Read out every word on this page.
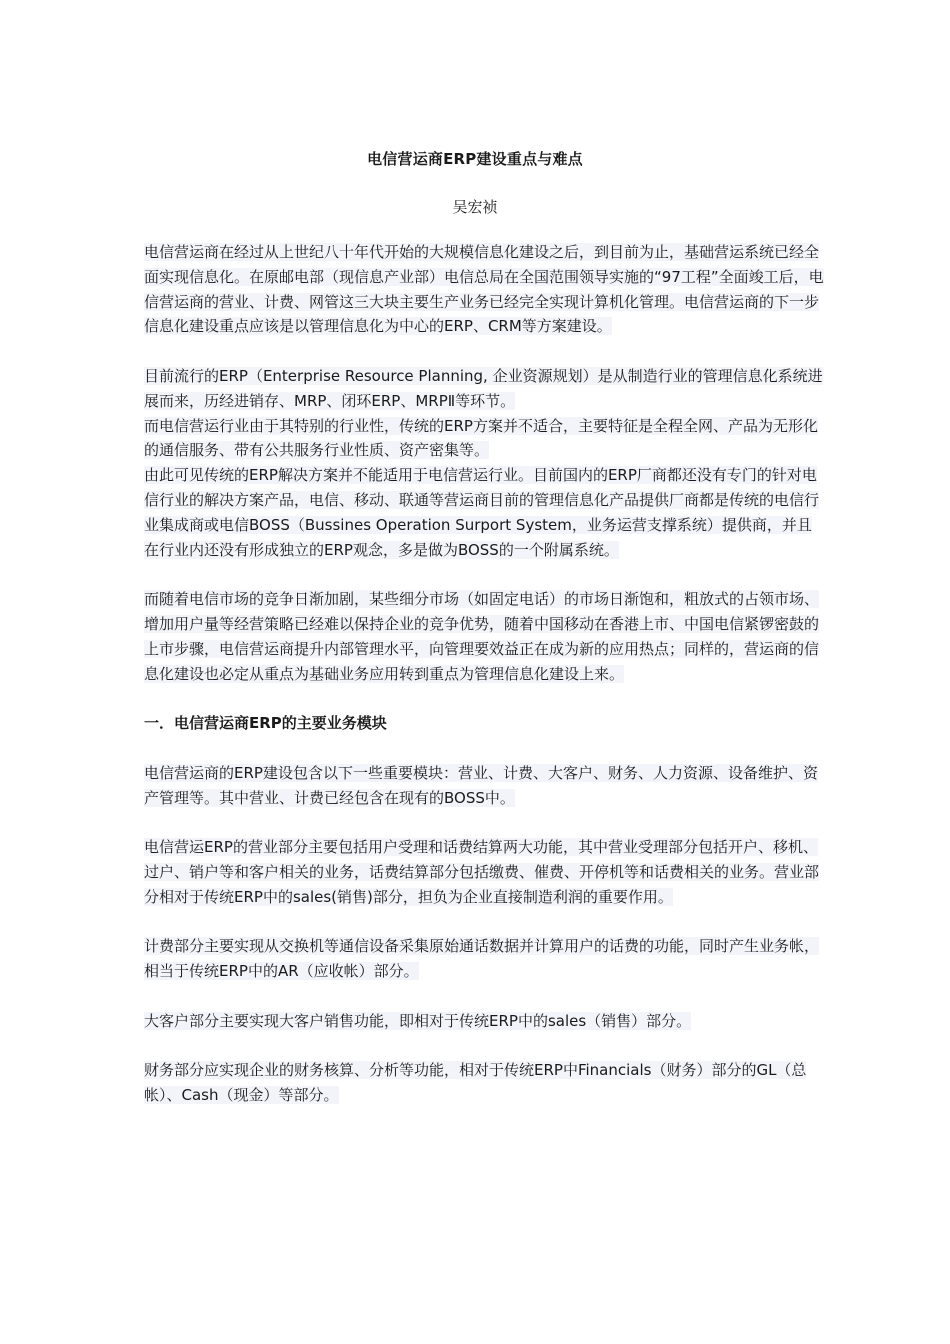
电信营运商ERP建设重点与难点
吴宏祯

电信营运商在经过从上世纪八十年代开始的大规模信息化建设之后，到目前为止，基础营运系统已经全面实现信息化。在原邮电部（现信息产业部）电信总局在全国范围领导实施的“97工程”全面竣工后，电信营运商的营业、计费、网管这三大块主要生产业务已经完全实现计算机化管理。电信营运商的下一步信息化建设重点应该是以管理信息化为中心的ERP、CRM等方案建设。

目前流行的ERP（Enterprise Resource Planning, 企业资源规划）是从制造行业的管理信息化系统进展而来，历经进销存、MRP、闭环ERP、MRPⅡ等环节。

而电信营运行业由于其特别的行业性，传统的ERP方案并不适合，主要特征是全程全网、产品为无形化的通信服务、带有公共服务行业性质、资产密集等。

由此可见传统的ERP解决方案并不能适用于电信营运行业。目前国内的ERP厂商都还没有专门的针对电信行业的解决方案产品，电信、移动、联通等营运商目前的管理信息化产品提供厂商都是传统的电信行业集成商或电信BOSS（Bussines Operation Surport System，业务运营支撑系统）提供商，并且在行业内还没有形成独立的ERP观念，多是做为BOSS的一个附属系统。

而随着电信市场的竞争日渐加剧，某些细分市场（如固定电话）的市场日渐饱和，粗放式的占领市场、增加用户量等经营策略已经难以保持企业的竞争优势，随着中国移动在香港上市、中国电信紧锣密鼓的上市步骤，电信营运商提升内部管理水平，向管理要效益正在成为新的应用热点；同样的，营运商的信息化建设也必定从重点为基础业务应用转到重点为管理信息化建设上来。

一．电信营运商ERP的主要业务模块

电信营运商的ERP建设包含以下一些重要模块：营业、计费、大客户、财务、人力资源、设备维护、资产管理等。其中营业、计费已经包含在现有的BOSS中。

电信营运ERP的营业部分主要包括用户受理和话费结算两大功能，其中营业受理部分包括开户、移机、过户、销户等和客户相关的业务，话费结算部分包括缴费、催费、开停机等和话费相关的业务。营业部分相对于传统ERP中的sales(销售)部分，担负为企业直接制造利润的重要作用。

计费部分主要实现从交换机等通信设备采集原始通话数据并计算用户的话费的功能，同时产生业务帐，相当于传统ERP中的AR（应收帐）部分。

大客户部分主要实现大客户销售功能，即相对于传统ERP中的sales（销售）部分。

财务部分应实现企业的财务核算、分析等功能，相对于传统ERP中Financials（财务）部分的GL（总帐）、Cash（现金）等部分。
